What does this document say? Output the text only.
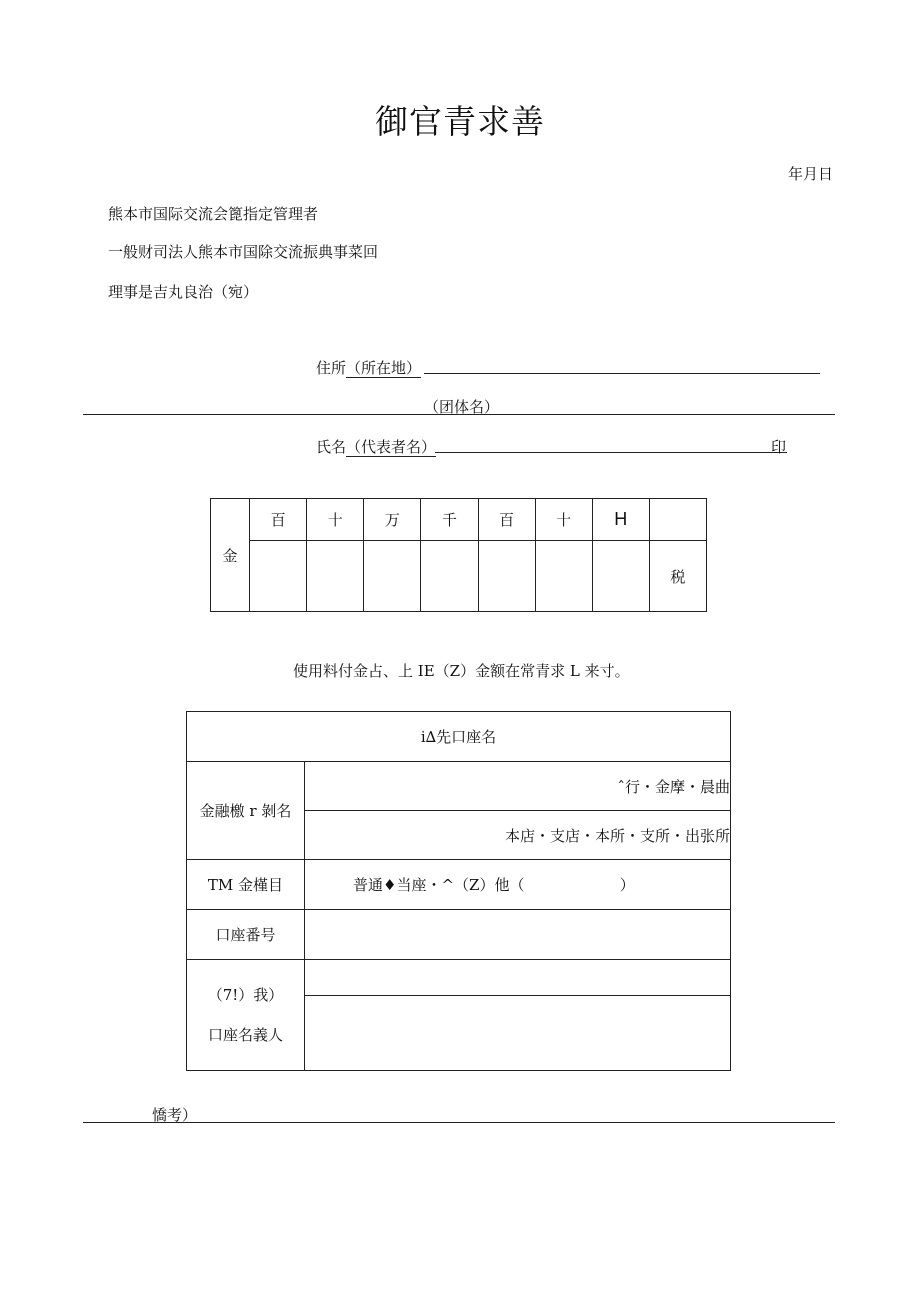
御官青求善
年月日
熊本市国际交流会篦指定管理者
一般财司法人熊本市国除交流振典事菜回
理事是吉丸良治（宛）
住所（所在地）
（团体名）
氏名（代表者名）	印
金	百	十	万	千	百	十	H	
								税
使用料付金占、上 IE（Z）金额在常青求 L 来寸。
i∆先口座名	
金融檄 r 剝名	ˆ行・金摩・晨曲
	本店・支店・本所・支所・出张所
TM 金槿目	普通♦当座・^（Z）他（                    ）
口座番号	

（7!）我）
口座名義人	

憍考）
